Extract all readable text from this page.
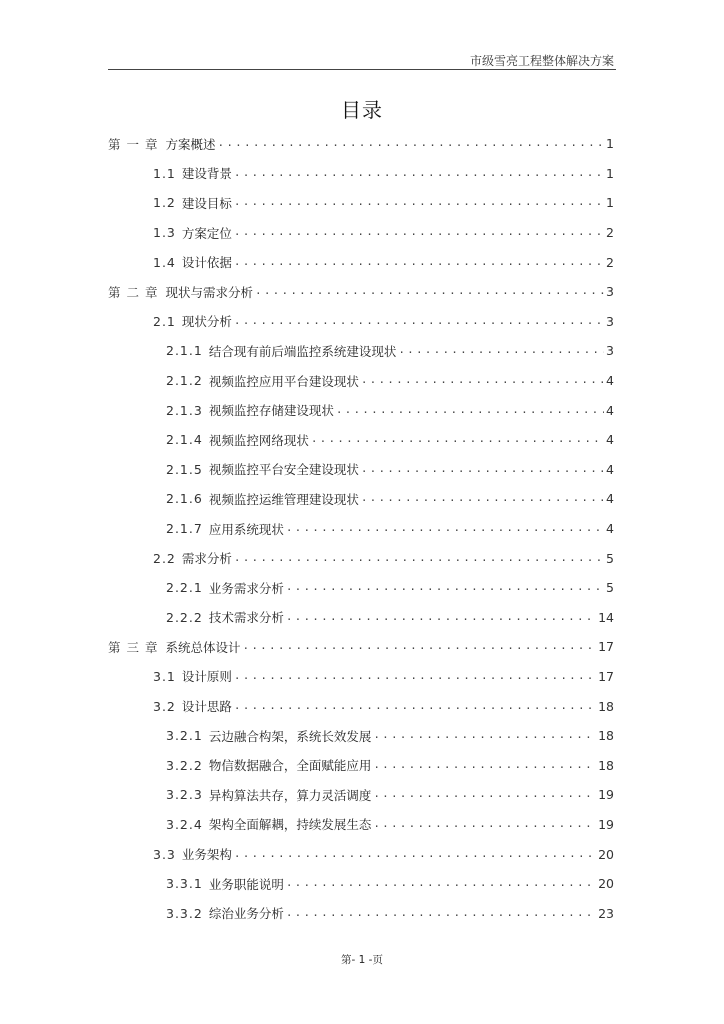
市级雪亮工程整体解决方案
目录
第一章 方案概述 .....	1
1.1 建设背景 .....	1
1.2 建设目标 .....	1
1.3 方案定位 .....	2
1.4 设计依据 .....	2
第二章 现状与需求分析 .....	3
2.1 现状分析 .....	3
2.1.1 结合现有前后端监控系统建设现状 .....	3
2.1.2 视频监控应用平台建设现状 .....	4
2.1.3 视频监控存储建设现状 .....	4
2.1.4 视频监控网络现状 .....	4
2.1.5 视频监控平台安全建设现状 .....	4
2.1.6 视频监控运维管理建设现状 .....	4
2.1.7 应用系统现状 .....	4
2.2 需求分析 .....	5
2.2.1 业务需求分析 .....	5
2.2.2 技术需求分析 .....	14
第三章 系统总体设计 .....	17
3.1 设计原则 .....	17
3.2 设计思路 .....	18
3.2.1 云边融合构架，系统长效发展 .....	18
3.2.2 物信数据融合，全面赋能应用 .....	18
3.2.3 异构算法共存，算力灵活调度 .....	19
3.2.4 架构全面解耦，持续发展生态 .....	19
3.3 业务架构 .....	20
3.3.1 业务职能说明 .....	20
3.3.2 综治业务分析 .....	23
第- 1 -页
